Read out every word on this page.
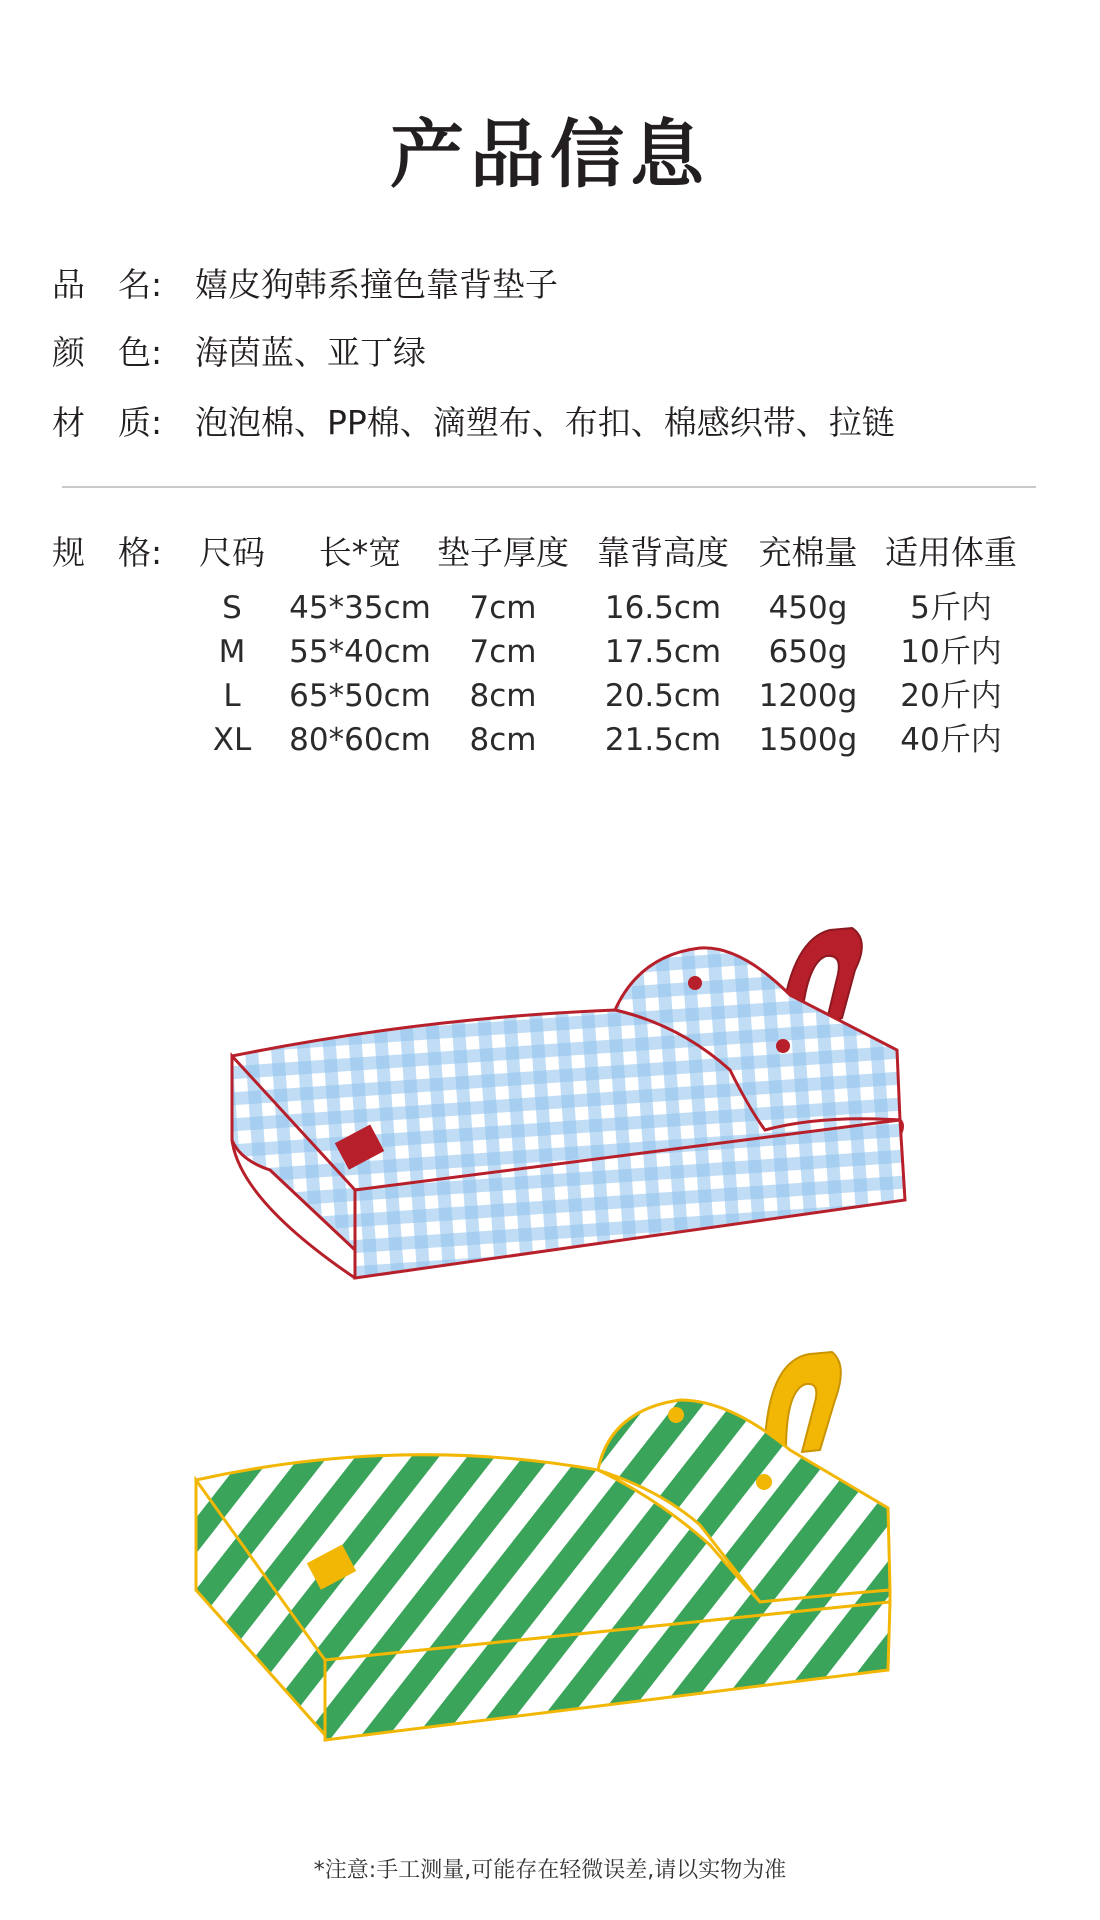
产品信息
品　名: 嬉皮狗韩系撞色靠背垫子
颜　色: 海茵蓝、亚丁绿
材　质: 泡泡棉、PP棉、滴塑布、布扣、棉感织带、拉链
规　格: 尺码 长*宽 垫子厚度 靠背高度 充棉量 适用体重
S 45*35cm 7cm 16.5cm 450g 5斤内
M 55*40cm 7cm 17.5cm 650g 10斤内
L 65*50cm 8cm 20.5cm 1200g 20斤内
XL 80*60cm 8cm 21.5cm 1500g 40斤内
*注意:手工测量,可能存在轻微误差,请以实物为准
